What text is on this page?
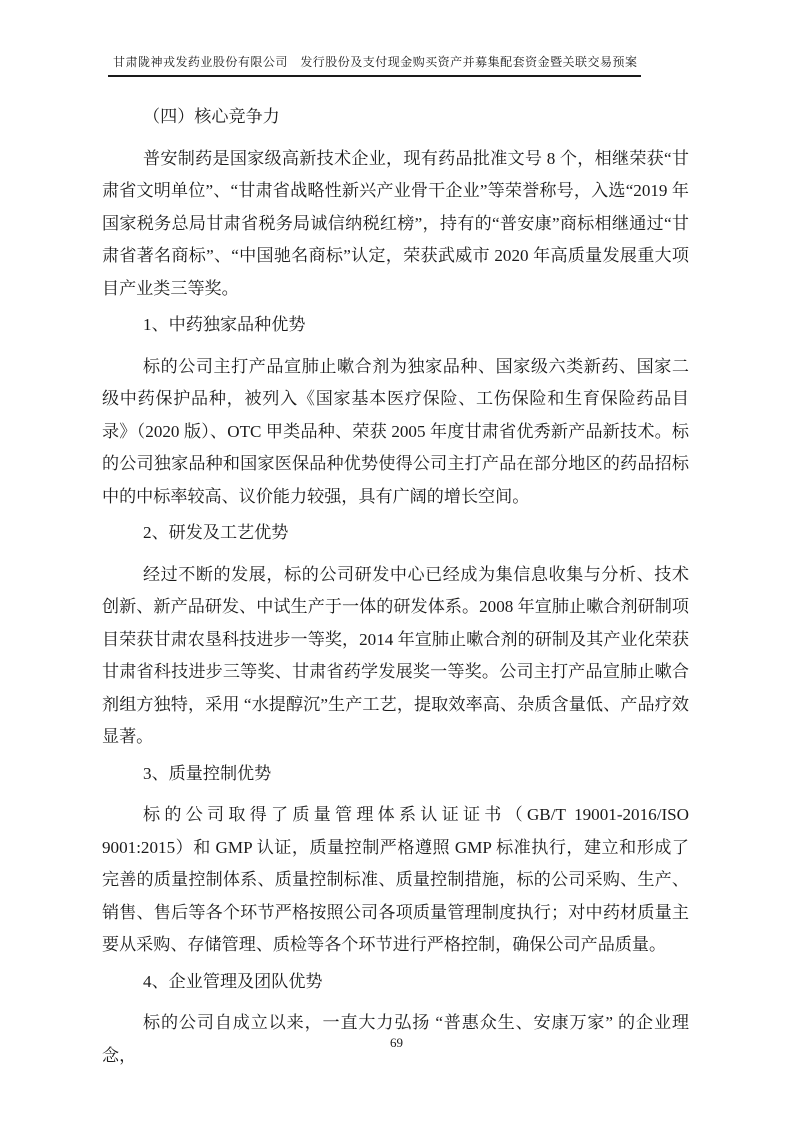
甘肃陇神戎发药业股份有限公司　发行股份及支付现金购买资产并募集配套资金暨关联交易预案
（四）核心竞争力

普安制药是国家级高新技术企业，现有药品批准文号 8 个，相继荣获“甘肃省文明单位”、“甘肃省战略性新兴产业骨干企业”等荣誉称号，入选“2019 年国家税务总局甘肃省税务局诚信纳税红榜”，持有的“普安康”商标相继通过“甘肃省著名商标”、“中国驰名商标”认定，荣获武威市 2020 年高质量发展重大项目产业类三等奖。

1、中药独家品种优势

标的公司主打产品宣肺止嗽合剂为独家品种、国家级六类新药、国家二级中药保护品种，被列入《国家基本医疗保险、工伤保险和生育保险药品目录》（2020 版）、OTC 甲类品种、荣获 2005 年度甘肃省优秀新产品新技术。标的公司独家品种和国家医保品种优势使得公司主打产品在部分地区的药品招标中的中标率较高、议价能力较强，具有广阔的增长空间。

2、研发及工艺优势

经过不断的发展，标的公司研发中心已经成为集信息收集与分析、技术创新、新产品研发、中试生产于一体的研发体系。2008 年宣肺止嗽合剂研制项目荣获甘肃农垦科技进步一等奖，2014 年宣肺止嗽合剂的研制及其产业化荣获甘肃省科技进步三等奖、甘肃省药学发展奖一等奖。公司主打产品宣肺止嗽合剂组方独特，采用 “水提醇沉”生产工艺，提取效率高、杂质含量低、产品疗效显著。

3、质量控制优势

标的公司取得了质量管理体系认证证书（GB/T 19001-2016/ISO 9001:2015）和 GMP 认证，质量控制严格遵照 GMP 标准执行，建立和形成了完善的质量控制体系、质量控制标准、质量控制措施，标的公司采购、生产、销售、售后等各个环节严格按照公司各项质量管理制度执行；对中药材质量主要从采购、存储管理、质检等各个环节进行严格控制，确保公司产品质量。

4、企业管理及团队优势

标的公司自成立以来，一直大力弘扬 “普惠众生、安康万家” 的企业理念，

69
